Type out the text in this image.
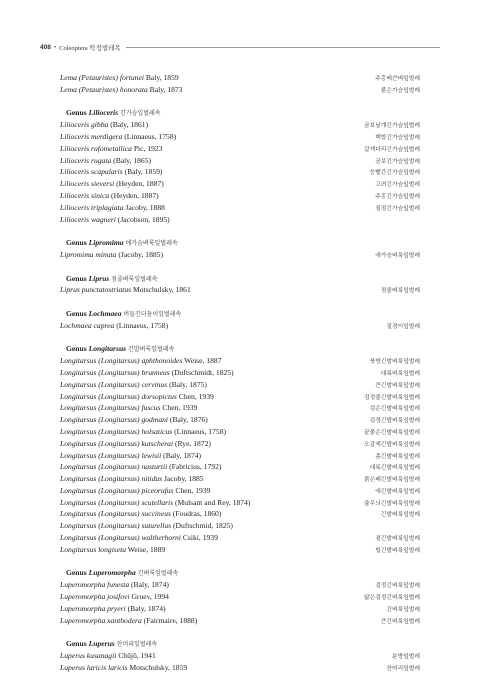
408 • Coleoptera 딱정벌레목
Lema (Petauristes) fortunei Baly, 1859	주홍배큰벼잎벌레
Lema (Petauristes) honorata Baly, 1873	붉은가슴잎벌레
Genus Lilioceris 긴가슴잎벌레속
Lilioceris gibba (Baly, 1861)	곰보날개긴가슴잎벌레
Lilioceris merdigera (Linnaeus, 1758)	백합긴가슴잎벌레
Lilioceris rufometallica Pic, 1923	갈색다리긴가슴잎벌레
Lilioceris rugata (Baly, 1865)	곰보긴가슴잎벌레
Lilioceris scapularis (Baly, 1859)	등빨간긴가슴잎벌레
Lilioceris sieversi (Heyden, 1887)	고려긴가슴잎벌레
Lilioceris sinica (Heyden, 1887)	주홍긴가슴잎벌레
Lilioceris triplagiata Jacoby, 1888	점점긴가슴잎벌레
Lilioceris wagneri (Jacobson, 1895)
Genus Lipromima 애가슴벼룩잎벌레속
Lipromima minuta (Jacoby, 1885)	애가슴벼룩잎벌레
Genus Liprus 점줄벼룩잎벌레속
Liprus punctatostriatus Motschulsky, 1861	점줄벼룩잎벌레
Genus Lochmaea 버들긴더듬이잎벌레속
Lochmaea caprea (Linnaeus, 1758)	질경이잎벌레
Genus Longitarsus 긴발벼룩잎벌레속
Longitarsus (Longitarsus) aphthonoides Weise, 1887	북방긴발벼룩잎벌레
Longitarsus (Longitarsus) brunneus (Duftschmidt, 1825)	대륙벼룩잎벌레
Longitarsus (Longitarsus) cervinus (Baly, 1875)	큰긴발벼룩잎벌레
Longitarsus (Longitarsus) dorsopictus Chen, 1939	검정줄긴발벼룩잎벌레
Longitarsus (Longitarsus) fuscus Chen, 1939	검은긴발벼룩잎벌레
Longitarsus (Longitarsus) godmani (Baly, 1876)	검정긴발벼룩잎벌레
Longitarsus (Longitarsus) holsaticus (Linnaeus, 1758)	끝붉은긴발벼룩잎벌레
Longitarsus (Longitarsus) kutscherai (Rye, 1872)	오갈색긴발벼룩잎벌레
Longitarsus (Longitarsus) lewisii (Baly, 1874)	좀긴발벼룩잎벌레
Longitarsus (Longitarsus) nasturtii (Fabricius, 1792)	대륙긴발벼룩잎벌레
Longitarsus (Longitarsus) nitidus Jacoby, 1885	붉은배긴발벼룩잎벌레
Longitarsus (Longitarsus) piceorufus Chen, 1939	애긴발벼룩잎벌레
Longitarsus (Longitarsus) scutellaris (Mulsant and Rey, 1874)	쥴무늬긴발벼룩잎벌레
Longitarsus (Longitarsus) succineus (Foudras, 1860)	긴발벼룩잎벌레
Longitarsus (Longitarsus) suturellus (Duftschmid, 1825)
Longitarsus (Longitarsus) waltherhorni Csiki, 1939	점긴발벼룩잎벌레
Longitarsus longiseta Weise, 1889	털긴발벼룩잎벌레
Genus Luperomorpha 긴벼룩잎벌레속
Luperomorpha funesta (Baly, 1874)	검정긴벼룩잎벌레
Luperomorpha josifovi Gruev, 1994	닮은검정긴벼룩잎벌레
Luperomorpha pryeri (Baly, 1874)	긴벼룩잎벌레
Luperomorpha xanthodera (Fairmaire, 1888)	큰긴벼룩잎벌레
Genus Luperus 잔머리잎벌레속
Luperus kusanagii Chûjô, 1941	분방잎벌레
Luperus laricis laricis Motschulsky, 1859	잔머리잎벌레
